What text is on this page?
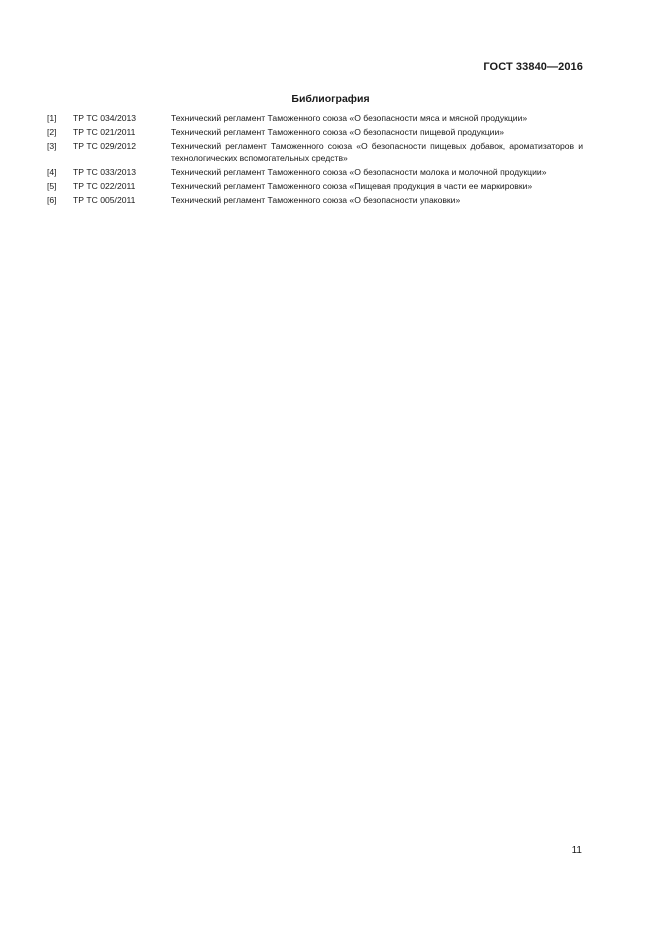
ГОСТ 33840—2016
Библиография
[1]	ТР ТС 034/2013	Технический регламент Таможенного союза «О безопасности мяса и мясной продукции»
[2]	ТР ТС 021/2011	Технический регламент Таможенного союза «О безопасности пищевой продукции»
[3]	ТР ТС 029/2012	Технический регламент Таможенного союза «О безопасности пищевых добавок, ароматизаторов и технологических вспомогательных средств»
[4]	ТР ТС 033/2013	Технический регламент Таможенного союза «О безопасности молока и молочной продукции»
[5]	ТР ТС 022/2011	Технический регламент Таможенного союза «Пищевая продукция в части ее маркировки»
[6]	ТР ТС 005/2011	Технический регламент Таможенного союза «О безопасности упаковки»
11
